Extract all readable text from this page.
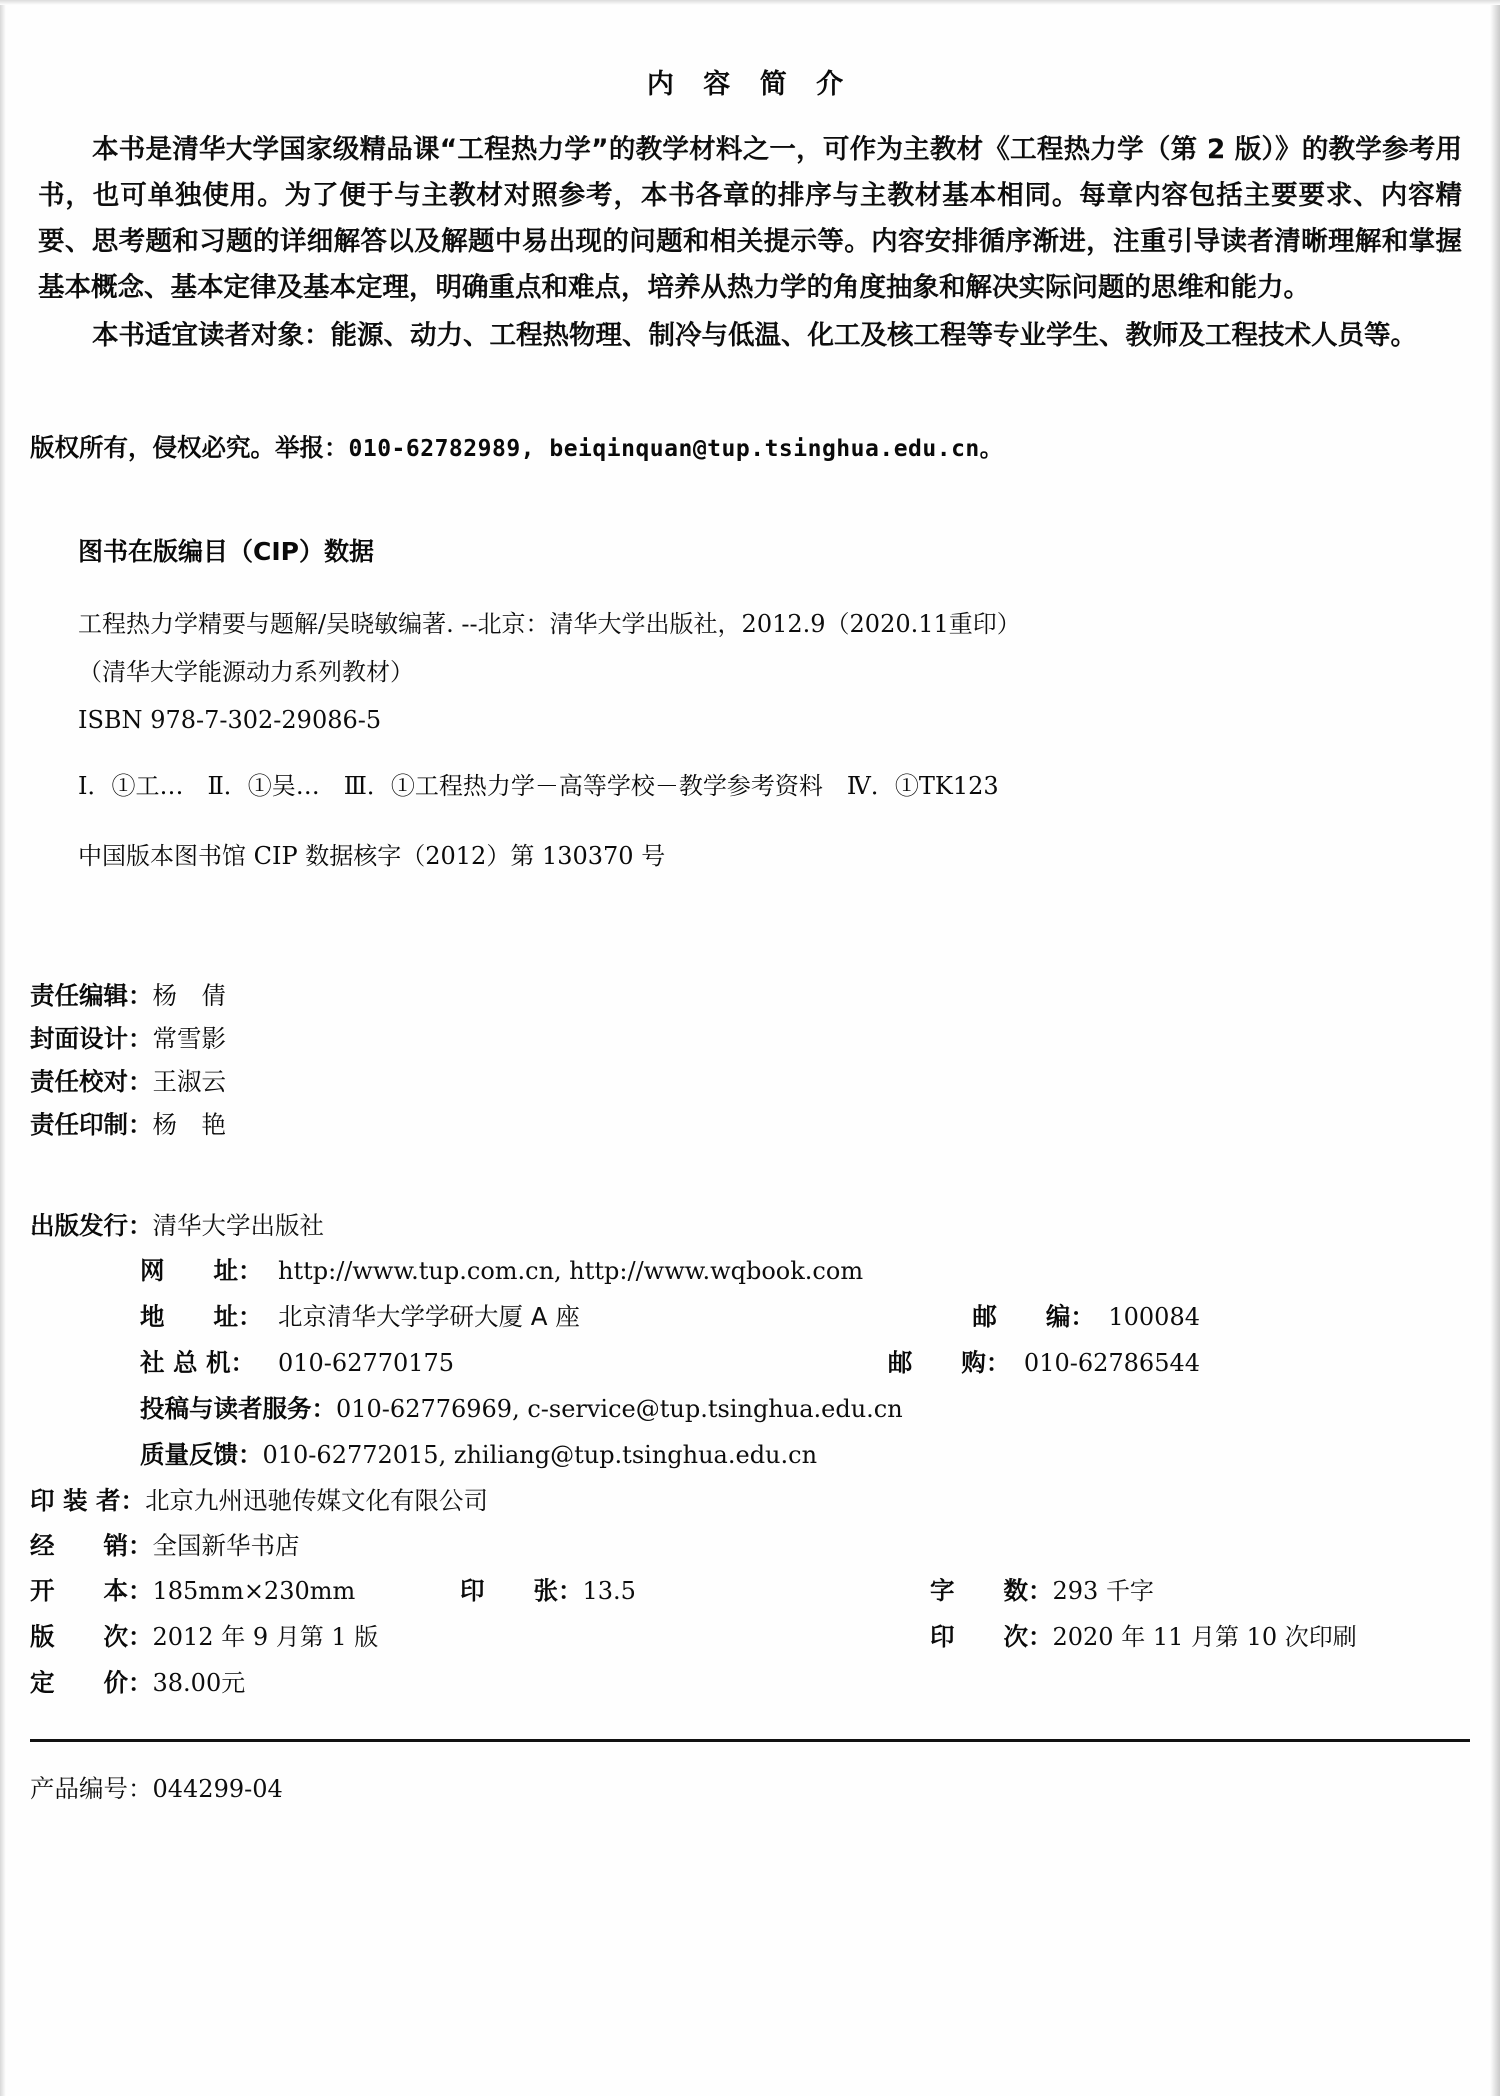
内 容 简 介

本书是清华大学国家级精品课“工程热力学”的教学材料之一，可作为主教材《工程热力学（第 2 版）》的教学参考用书，也可单独使用。为了便于与主教材对照参考，本书各章的排序与主教材基本相同。每章内容包括主要要求、内容精要、思考题和习题的详细解答以及解题中易出现的问题和相关提示等。内容安排循序渐进，注重引导读者清晰理解和掌握基本概念、基本定律及基本定理，明确重点和难点，培养从热力学的角度抽象和解决实际问题的思维和能力。

本书适宜读者对象：能源、动力、工程热物理、制冷与低温、化工及核工程等专业学生、教师及工程技术人员等。

版权所有，侵权必究。举报：010-62782989, beiqinquan@tup.tsinghua.edu.cn。
图书在版编目（CIP）数据
工程热力学精要与题解/吴晓敏编著. --北京：清华大学出版社，2012.9（2020.11重印）
（清华大学能源动力系列教材）
ISBN 978-7-302-29086-5
Ⅰ．①工…　Ⅱ．①吴…　Ⅲ．①工程热力学－高等学校－教学参考资料　Ⅳ．①TK123
中国版本图书馆 CIP 数据核字（2012）第 130370 号
责任编辑：杨　倩
封面设计：常雪影
责任校对：王淑云
责任印制：杨　艳
出版发行： 清华大学出版社
网　　址： http://www.tup.com.cn, http://www.wqbook.com
地　　址： 北京清华大学学研大厦 A 座	邮　　编： 100084
社 总 机： 010-62770175	邮　　购： 010-62786544
投稿与读者服务： 010-62776969, c-service@tup.tsinghua.edu.cn
质量反馈： 010-62772015, zhiliang@tup.tsinghua.edu.cn
印 装 者： 北京九州迅驰传媒文化有限公司
经　　销： 全国新华书店
开　　本： 185mm×230mm	印　　张： 13.5	字　　数： 293 千字
版　　次： 2012 年 9 月第 1 版	印　　次： 2020 年 11 月第 10 次印刷
定　　价： 38.00元
产品编号：044299-04
